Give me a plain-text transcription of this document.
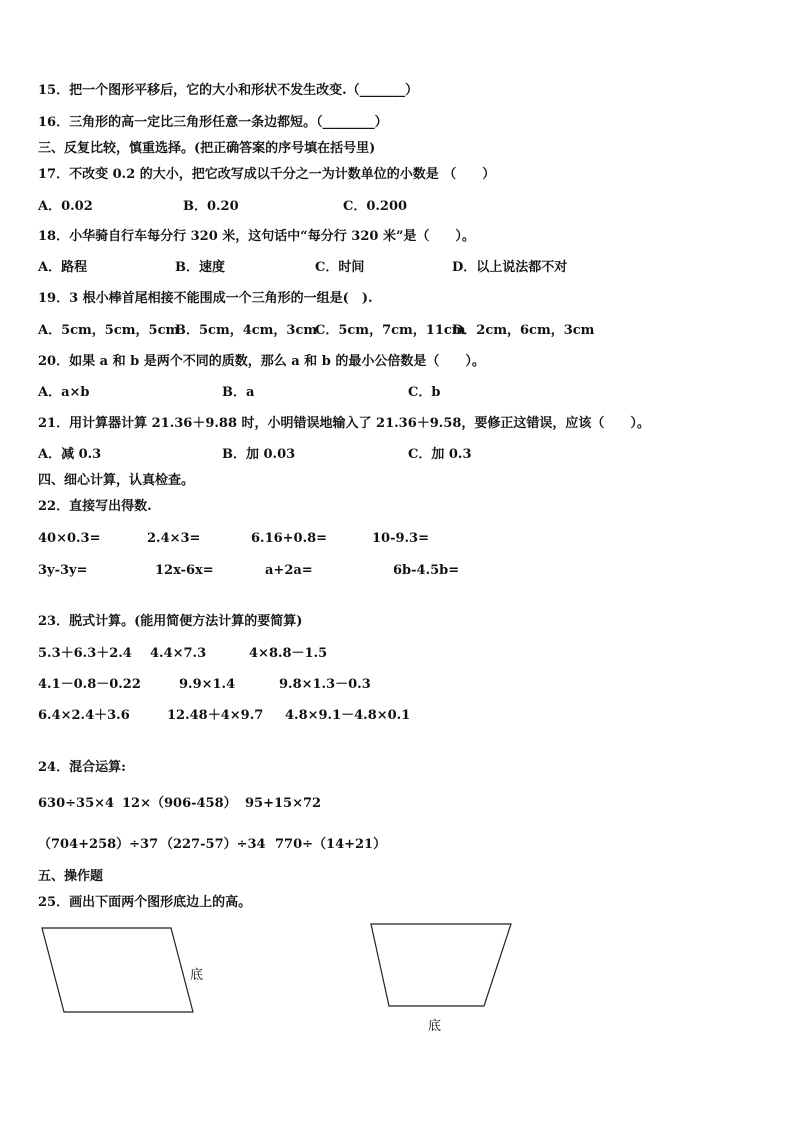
15．把一个图形平移后，它的大小和形状不发生改变.（_______）
16．三角形的高一定比三角形任意一条边都短。（________）
三、反复比较，慎重选择。(把正确答案的序号填在括号里)
17．不改变 0.2 的大小，把它改写成以千分之一为计数单位的小数是 （　　）
A．0.02	B．0.20	C．0.200
18．小华骑自行车每分行 320 米，这句话中“每分行 320 米”是（　　）。
A．路程	B．速度	C．时间	D．以上说法都不对
19．3 根小棒首尾相接不能围成一个三角形的一组是(　).
A．5cm，5cm，5cm
B．5cm，4cm，3cm
C．5cm，7cm，11cm
D．2cm，6cm，3cm
20．如果 a 和 b 是两个不同的质数，那么 a 和 b 的最小公倍数是（　　）。
A．a×b	B．a	C．b
21．用计算器计算 21.36＋9.88 时，小明错误地输入了 21.36＋9.58，要修正这错误，应该（　　）。
A．减 0.3	B．加 0.03	C．加 0.3
四、细心计算，认真检查。
22．直接写出得数.
40×0.3=	2.4×3=	6.16+0.8=	10-9.3=
3y-3y=	12x-6x=	a+2a=	6b-4.5b=
23．脱式计算。(能用简便方法计算的要简算)
5.3＋6.3＋2.4 4.4×7.3	4×8.8－1.5
4.1－0.8－0.22	9.9×1.4	9.8×1.3－0.3
6.4×2.4＋3.6	12.48＋4×9.7 4.8×9.1－4.8×0.1
24．混合运算:
630÷35×4 12×（906-458） 95+15×72
（704+258）÷37 （227-57）÷34 770÷（14+21）
五、操作题
25．画出下面两个图形底边上的高。
底
底
